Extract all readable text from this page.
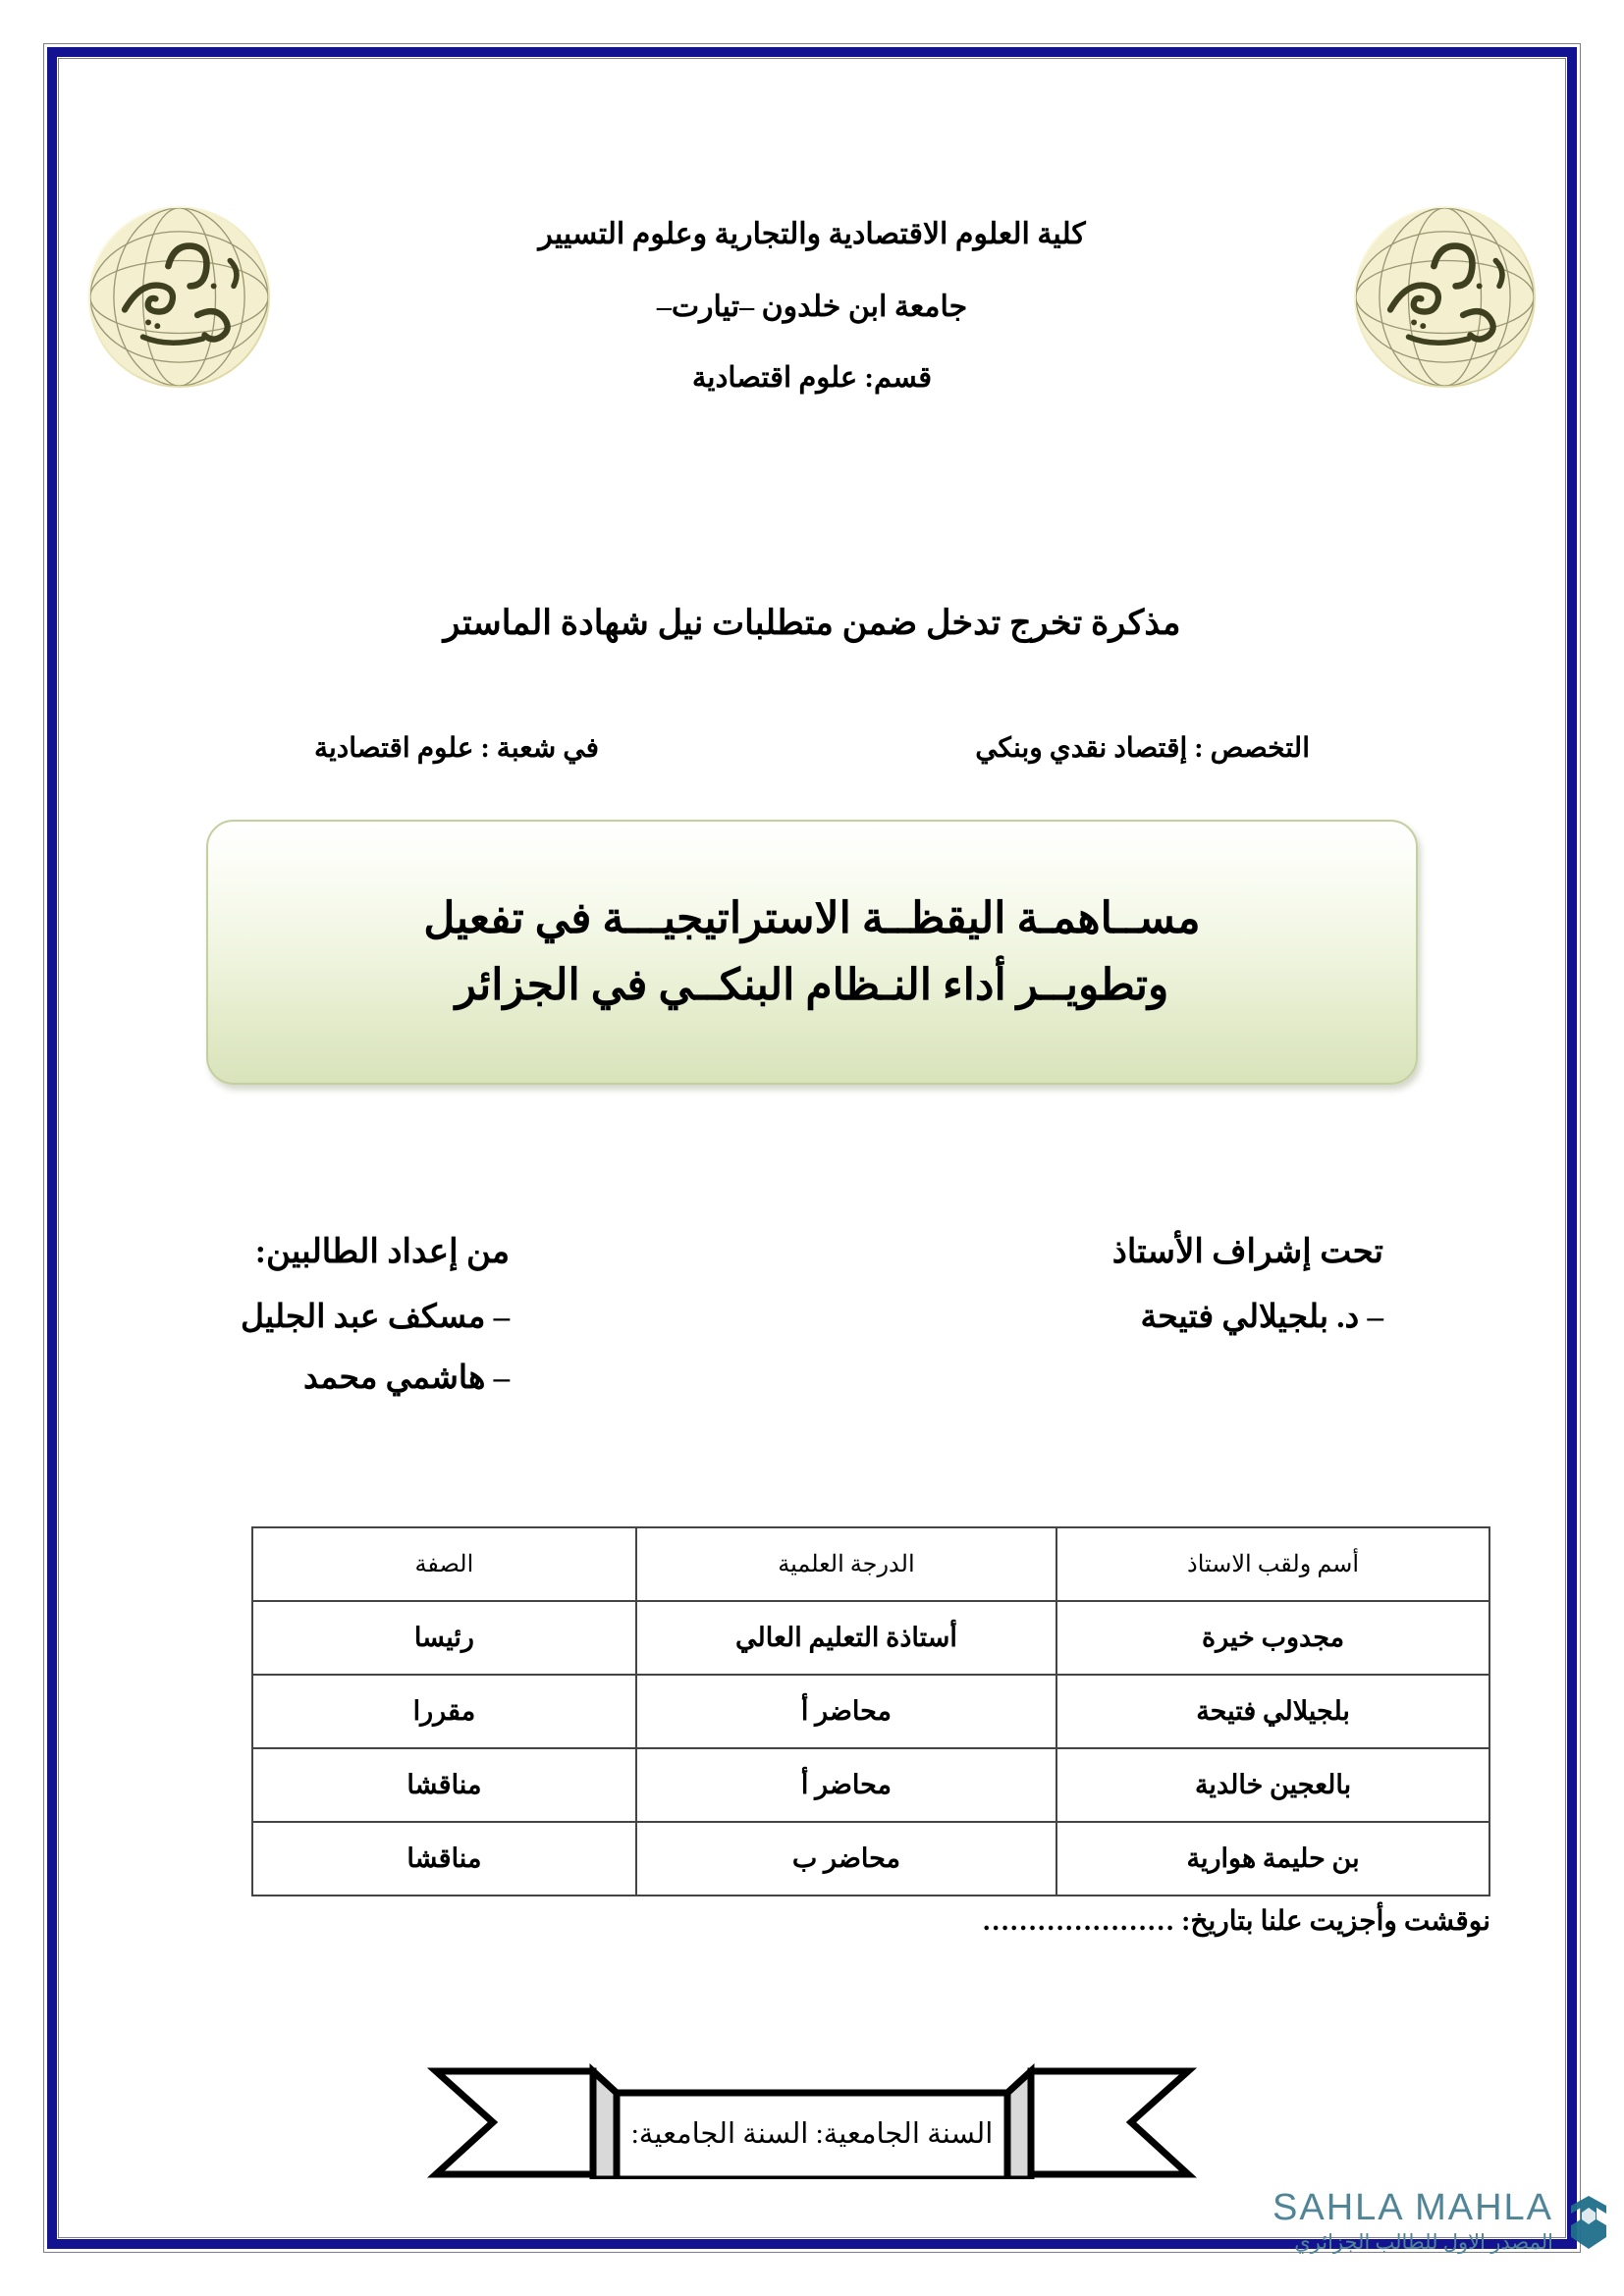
كلية العلوم الاقتصادية والتجارية وعلوم التسيير
جامعة ابن خلدون –تيارت–
قسم: علوم اقتصادية
مذكرة تخرج تدخل ضمن متطلبات نيل شهادة الماستر
في شعبة : علوم اقتصادية	التخصص : إقتصاد نقدي وبنكي
مســاهمـة اليقظــة الاستراتيجيـــة في تفعيل
وتطويــر أداء النـظام البنكــي في الجزائر
من إعداد الطالبين:
– مسكف عبد الجليل
– هاشمي محمد
تحت إشراف الأستاذ
– د. بلجيلالي فتيحة
أسم ولقب الاستاذ	الدرجة العلمية	الصفة
مجدوب خيرة	أستاذة التعليم العالي	رئيسا
بلجيلالي فتيحة	محاضر أ	مقررا
بالعجين خالدية	محاضر أ	مناقشا
بن حليمة هوارية	محاضر ب	مناقشا
نوقشت وأجزيت علنا بتاريخ: …………………
السنة الجامعية: السنة الجامعية:
SAHLA MAHLA
المصدر الاول للطالب الجزائري
